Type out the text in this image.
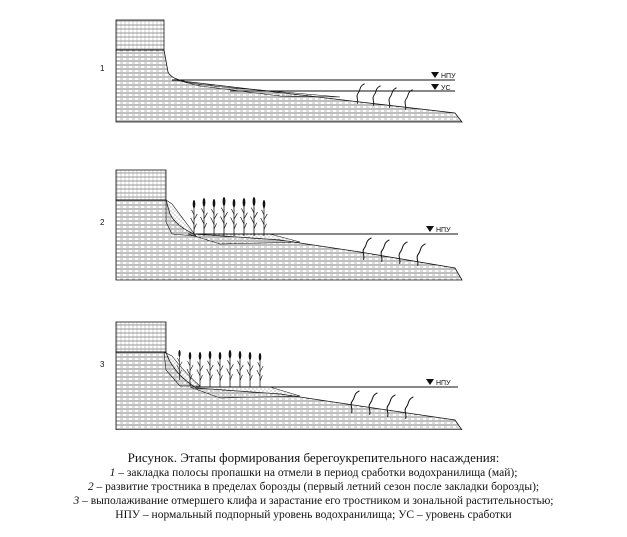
1
НПУ
УС
2
НПУ
3
НПУ
Рисунок. Этапы формирования берегоукрепительного насаждения:
1 – закладка полосы пропашки на отмели в период сработки водохранилища (май);
2 – развитие тростника в пределах борозды (первый летний сезон после закладки борозды);
3 – выполаживание отмершего клифа и зарастание его тростником и зональной растительностью;
НПУ – нормальный подпорный уровень водохранилища; УС – уровень сработки
